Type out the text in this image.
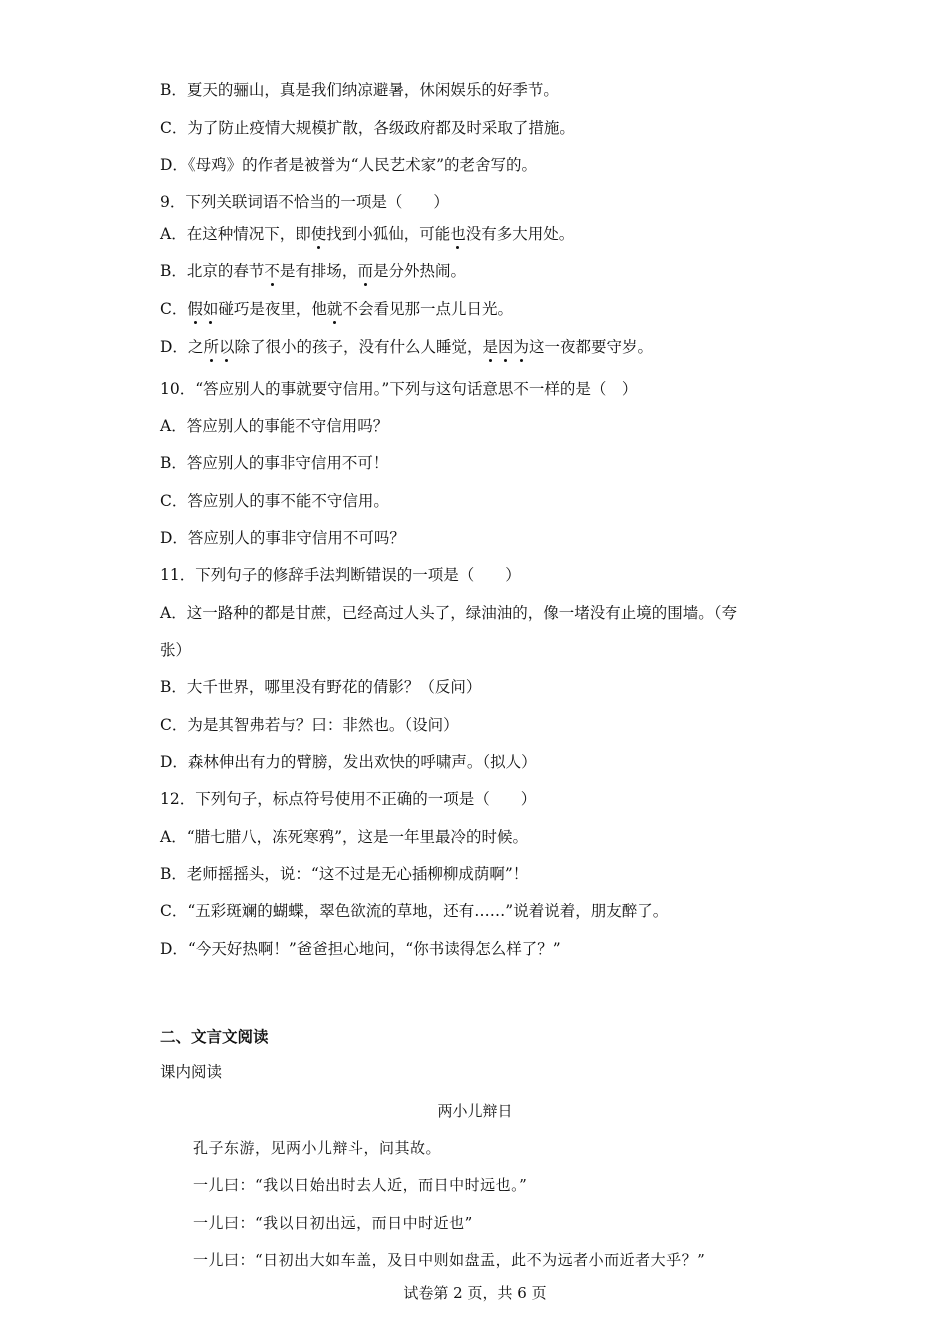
B．夏天的骊山，真是我们纳凉避暑，休闲娱乐的好季节。
C．为了防止疫情大规模扩散，各级政府都及时采取了措施。
D．《母鸡》的作者是被誉为“人民艺术家”的老舍写的。
9．下列关联词语不恰当的一项是（　　）
A．在这种情况下，即使找到小狐仙，可能也没有多大用处。
B．北京的春节不是有排场，而是分外热闹。
C．假如碰巧是夜里，他就不会看见那一点儿日光。
D．之所以除了很小的孩子，没有什么人睡觉，是因为这一夜都要守岁。
10．“答应别人的事就要守信用。”下列与这句话意思不一样的是（　）
A．答应别人的事能不守信用吗？
B．答应别人的事非守信用不可！
C．答应别人的事不能不守信用。
D．答应别人的事非守信用不可吗？
11．下列句子的修辞手法判断错误的一项是（　　）
A．这一路种的都是甘蔗，已经高过人头了，绿油油的，像一堵没有止境的围墙。（夸
张）
B．大千世界，哪里没有野花的倩影？（反问）
C．为是其智弗若与？曰：非然也。（设问）
D．森林伸出有力的臂膀，发出欢快的呼啸声。（拟人）
12．下列句子，标点符号使用不正确的一项是（　　）
A．“腊七腊八，冻死寒鸦”，这是一年里最冷的时候。
B．老师摇摇头，说：“这不过是无心插柳柳成荫啊”！
C．“五彩斑斓的蝴蝶，翠色欲流的草地，还有……”说着说着，朋友醉了。
D．“今天好热啊！”爸爸担心地问，“你书读得怎么样了？”
二、文言文阅读
课内阅读
两小儿辩日
孔子东游，见两小儿辩斗，问其故。
一儿曰：“我以日始出时去人近，而日中时远也。”
一儿曰：“我以日初出远，而日中时近也”
一儿曰：“日初出大如车盖，及日中则如盘盂，此不为远者小而近者大乎？”
试卷第 2 页，共 6 页
